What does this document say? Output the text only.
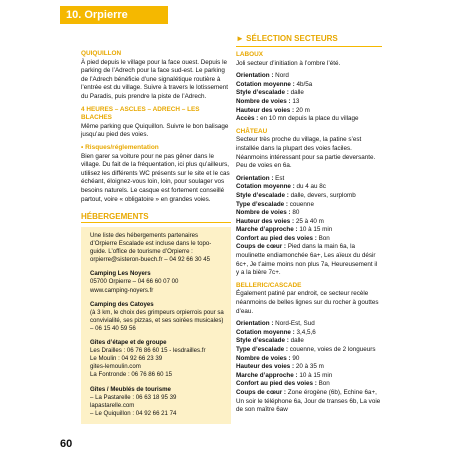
10. Orpierre
QUIQUILLON
À pied depuis le village pour la face ouest. Depuis le parking de l’Adrech pour la face sud-est. Le parking de l’Adrech bénéficie d’une signalétique routière à l’entrée est du village. Suivre à travers le lotissement du Paradis, puis prendre la piste de l’Adrech.
4 HEURES – ASCLES – ADRECH – LES BLACHES
Même parking que Quiquillon. Suivre le bon balisage jusqu’au pied des voies.
• Risques/réglementation
Bien garer sa voiture pour ne pas gêner dans le village. Du fait de la fréquentation, ici plus qu’ailleurs, utilisez les différents WC présents sur le site et le cas échéant, éloignez-vous loin, loin, pour soulager vos besoins naturels. Le casque est fortement conseillé partout, voire « obligatoire » en grandes voies.
HÉBERGEMENTS
Une liste des hébergements partenaires d’Orpierre Escalade est incluse dans le topo-guide. L’office de tourisme d’Orpierre :
orpierre@sisteron-buech.fr – 04 92 66 30 45
Camping Les Noyers
05700 Orpierre – 04 66 60 07 00
www.camping-noyers.fr
Camping des Catoyes
(à 3 km, le choix des grimpeurs orpierrois pour sa convivialité, ses pizzas, et ses soirées musicales) – 06 15 40 59 56
Gîtes d’étape et de groupe
Les Drailles : 06 76 86 60 15 - lesdrailles.fr
Le Moulin : 04 92 66 23 39
gites-lemoulin.com
La Fontronde : 06 76 86 60 15
Gîtes / Meublés de tourisme
– La Pastarelle : 06 63 18 95 39
lapastarelle.com
– Le Quiquillon : 04 92 66 21 74
► SÉLECTION SECTEURS
LABOUX
Joli secteur d’initiation à l’ombre l’été.
Orientation : Nord
Cotation moyenne : 4b/5a
Style d’escalade : dalle
Nombre de voies : 13
Hauteur des voies : 20 m
Accès : en 10 mn depuis la place du village
CHÂTEAU
Secteur très proche du village, la patine s’est installée dans la plupart des voies faciles. Néanmoins intéressant pour sa partie deversante. Peu de voies en 6a.
Orientation : Est
Cotation moyenne : du 4 au 8c
Style d’escalade : dalle, devers, surplomb
Type d’escalade : couenne
Nombre de voies : 80
Hauteur des voies : 25 à 40 m
Marche d’approche : 10 à 15 min
Confort au pied des voies : Bon
Coups de cœur : Pied dans la main 6a, la moulinette endiamonchée 6a+, Les aïeux du désir 6c+, Je t’aime moins non plus 7a, Heureusement il y a la bière 7c+.
BELLERIC/CASCADE
Également patiné par endroit, ce secteur recèle néanmoins de belles lignes sur du rocher à gouttes d’eau.
Orientation : Nord-Est, Sud
Cotation moyenne : 3,4,5,6
Style d’escalade : dalle
Type d’escalade : couenne, voies de 2 longueurs
Nombre de voies : 90
Hauteur des voies : 20 à 35 m
Marche d’approche : 10 à 15 min
Confort au pied des voies : Bon
Coups de cœur : Zone érogène (6b), Echine 6a+, Un soir le téléphone 6a, Jour de transes 6b, La voie de son maître 6aw
60
